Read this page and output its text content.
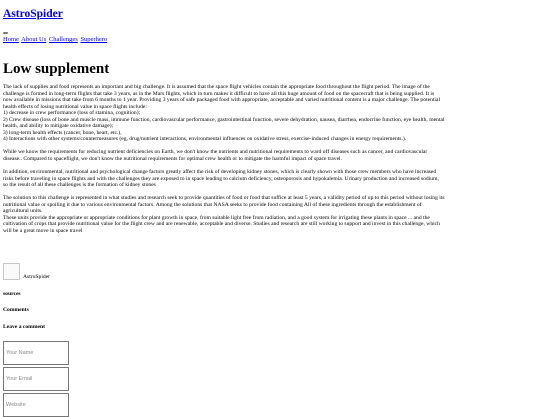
AstroSpider
Home About Us Challenges Superhero
Low supplement

The lack of supplies and food represents an important and big challenge. It is assumed that the space flight vehicles contain the appropriate food throughout the flight period. The image of the
challenge is formed in long-term flights that take 3 years, as in the Mars flights, which in turn makes it difficult to have all this huge amount of food on the spacecraft that is being supplied. It is
now available in missions that take from 6 months to 1 year. Providing 3 years of safe packaged food with appropriate, acceptable and varied nutritional content is a major challenge. The potential
health effects of losing nutritional value in space flights include:
1) decrease in crew performance (loss of stamina, cognition);
2) Crew disease (loss of bone and muscle mass, immune function, cardiovascular performance, gastrointestinal function, severe dehydration, nausea, diarrhea, endocrine function, eye health, mental
health, and ability to mitigate oxidative damage);
3) long-term health effects (cancer, bone, heart, etc.),
4) Interactions with other systems/countermeasures (eg, drug/nutrient interactions, environmental influences on oxidative stress, exercise-induced changes in energy requirements.).

While we know the requirements for reducing nutrient deficiencies on Earth, we don't know the nutrients and nutritional requirements to ward off diseases such as cancer, and cardiovascular
disease.. Compared to spaceflight, we don't know the nutritional requirements for optimal crew health or to mitigate the harmful impact of space travel.

In addition, environmental, nutritional and psychological change factors greatly affect the risk of developing kidney stones, which is clearly shown with those crew members who have increased
risks before traveling in space flights and with the challenges they are exposed to in space leading to calcium deficiency, osteoporosis and hypokalemia. Urinary production and increased sodium,
so the result of all these challenges is the formation of kidney stones

The solution to this challenge is represented in what studies and research seek to provide quantities of food or food that suffice at least 5 years, a validity period of up to this period without losing its
nutritional value or spoiling it due to various environmental factors. Among the solutions that NASA seeks to provide food containing All of these ingredients through the establishment of
agricultural units.
These units provide the appropriate or appropriate conditions for plant growth in space, from suitable light free from radiation, and a good system for irrigating these plants in space ... and the
cultivation of crops that provide nutritional value for the flight crew and are renewable, acceptable and diverse. Studies and research are still working to support and invest in this challenge, which
will be a great move in space travel

AstroSpider
sources
Comments
Leave a comment
Your Name
Your Email
Website
